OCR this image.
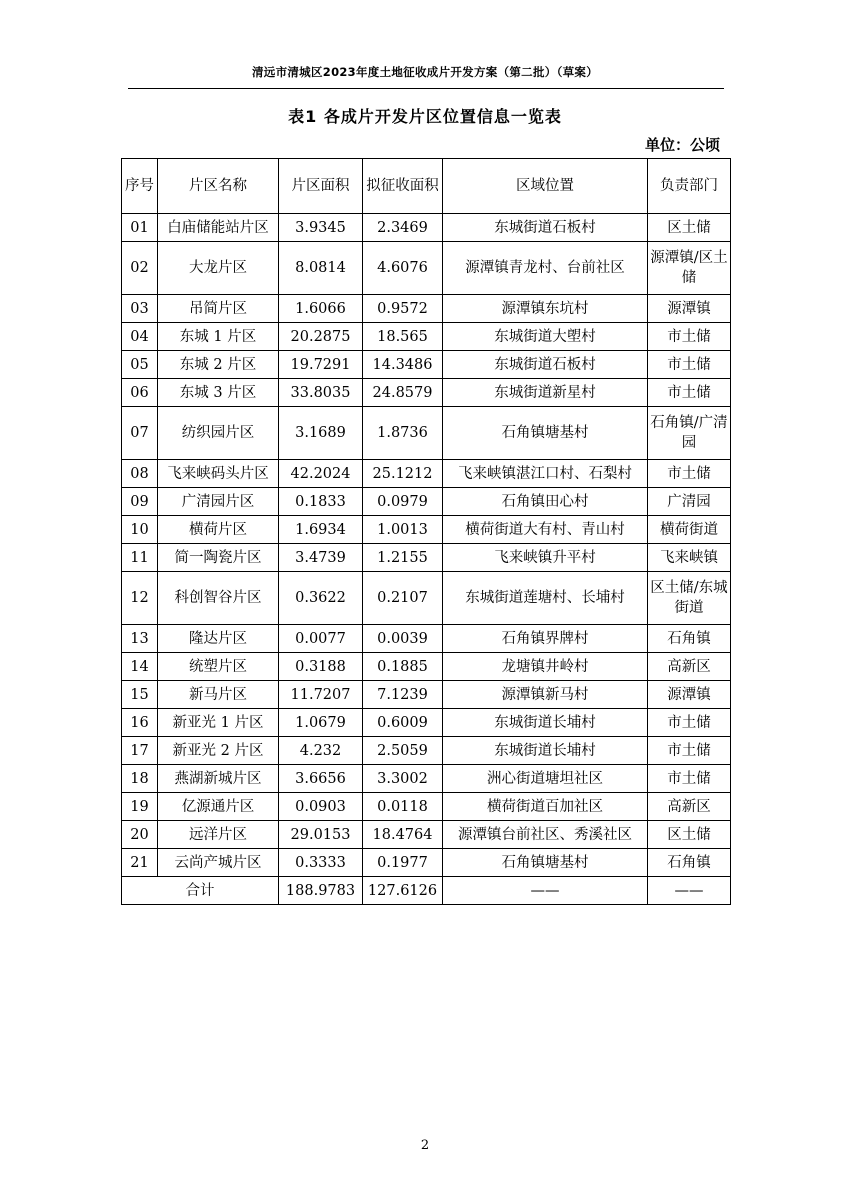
清远市清城区2023年度土地征收成片开发方案（第二批）（草案）
表1 各成片开发片区位置信息一览表
单位：公顷
序号	片区名称	片区面积	拟征收面积	区域位置	负责部门
01	白庙储能站片区	3.9345	2.3469	东城街道石板村	区土储
02	大龙片区	8.0814	4.6076	源潭镇青龙村、台前社区	源潭镇/区土储
03	吊简片区	1.6066	0.9572	源潭镇东坑村	源潭镇
04	东城 1 片区	20.2875	18.565	东城街道大塱村	市土储
05	东城 2 片区	19.7291	14.3486	东城街道石板村	市土储
06	东城 3 片区	33.8035	24.8579	东城街道新星村	市土储
07	纺织园片区	3.1689	1.8736	石角镇塘基村	石角镇/广清园
08	飞来峡码头片区	42.2024	25.1212	飞来峡镇湛江口村、石梨村	市土储
09	广清园片区	0.1833	0.0979	石角镇田心村	广清园
10	横荷片区	1.6934	1.0013	横荷街道大有村、青山村	横荷街道
11	简一陶瓷片区	3.4739	1.2155	飞来峡镇升平村	飞来峡镇
12	科创智谷片区	0.3622	0.2107	东城街道莲塘村、长埔村	区土储/东城街道
13	隆达片区	0.0077	0.0039	石角镇界牌村	石角镇
14	统塑片区	0.3188	0.1885	龙塘镇井岭村	高新区
15	新马片区	11.7207	7.1239	源潭镇新马村	源潭镇
16	新亚光 1 片区	1.0679	0.6009	东城街道长埔村	市土储
17	新亚光 2 片区	4.232	2.5059	东城街道长埔村	市土储
18	燕湖新城片区	3.6656	3.3002	洲心街道塘坦社区	市土储
19	亿源通片区	0.0903	0.0118	横荷街道百加社区	高新区
20	远洋片区	29.0153	18.4764	源潭镇台前社区、秀溪社区	区土储
21	云尚产城片区	0.3333	0.1977	石角镇塘基村	石角镇
合计		188.9783	127.6126	——	——
2
